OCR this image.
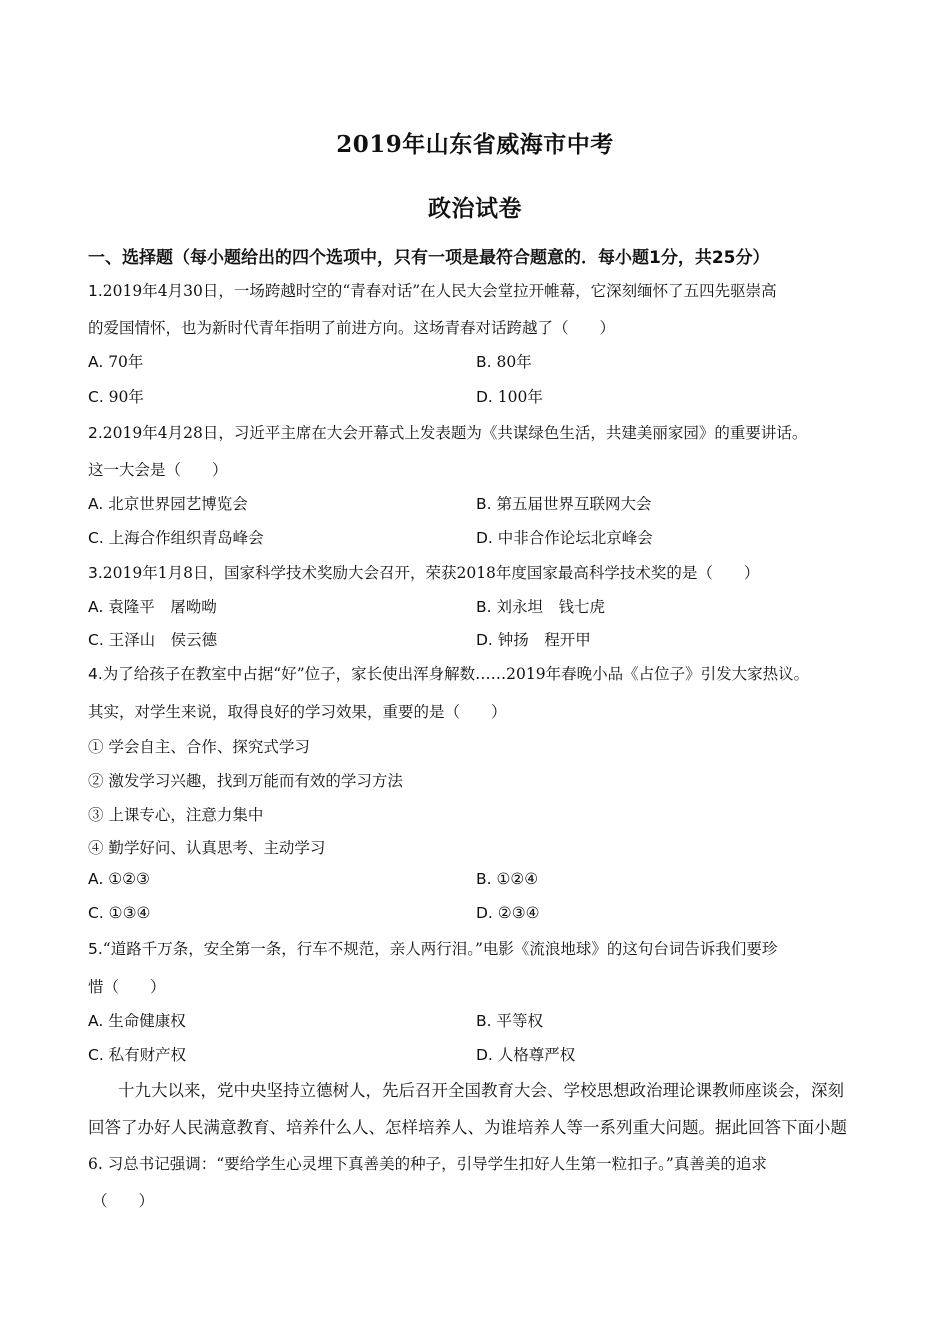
2019年山东省威海市中考
政治试卷
一、选择题（每小题给出的四个选项中，只有一项是最符合题意的．每小题1分，共25分）
1.2019年4月30日，一场跨越时空的“青春对话”在人民大会堂拉开帷幕，它深刻缅怀了五四先驱崇高
的爱国情怀，也为新时代青年指明了前进方向。这场青春对话跨越了（　　）
A. 70年	B. 80年
C. 90年	D. 100年
2.2019年4月28日，习近平主席在大会开幕式上发表题为《共谋绿色生活，共建美丽家园》的重要讲话。
这一大会是（　　）
A. 北京世界园艺博览会	B. 第五届世界互联网大会
C. 上海合作组织青岛峰会	D. 中非合作论坛北京峰会
3.2019年1月8日，国家科学技术奖励大会召开，荣获2018年度国家最高科学技术奖的是（　　）
A. 袁隆平　屠呦呦	B. 刘永坦　钱七虎
C. 王泽山　侯云德	D. 钟扬　程开甲
4.为了给孩子在教室中占据“好”位子，家长使出浑身解数……2019年春晚小品《占位子》引发大家热议。
其实，对学生来说，取得良好的学习效果，重要的是（　　）
① 学会自主、合作、探究式学习
② 激发学习兴趣，找到万能而有效的学习方法
③ 上课专心，注意力集中
④ 勤学好问、认真思考、主动学习
A. ①②③	B. ①②④
C. ①③④	D. ②③④
5.“道路千万条，安全第一条，行车不规范，亲人两行泪。”电影《流浪地球》的这句台词告诉我们要珍
惜（　　）
A. 生命健康权	B. 平等权
C. 私有财产权	D. 人格尊严权
十九大以来，党中央坚持立德树人，先后召开全国教育大会、学校思想政治理论课教师座谈会，深刻
回答了办好人民满意教育、培养什么人、怎样培养人、为谁培养人等一系列重大问题。据此回答下面小题
6. 习总书记强调：“要给学生心灵埋下真善美的种子，引导学生扣好人生第一粒扣子。”真善美的追求
（　　）
